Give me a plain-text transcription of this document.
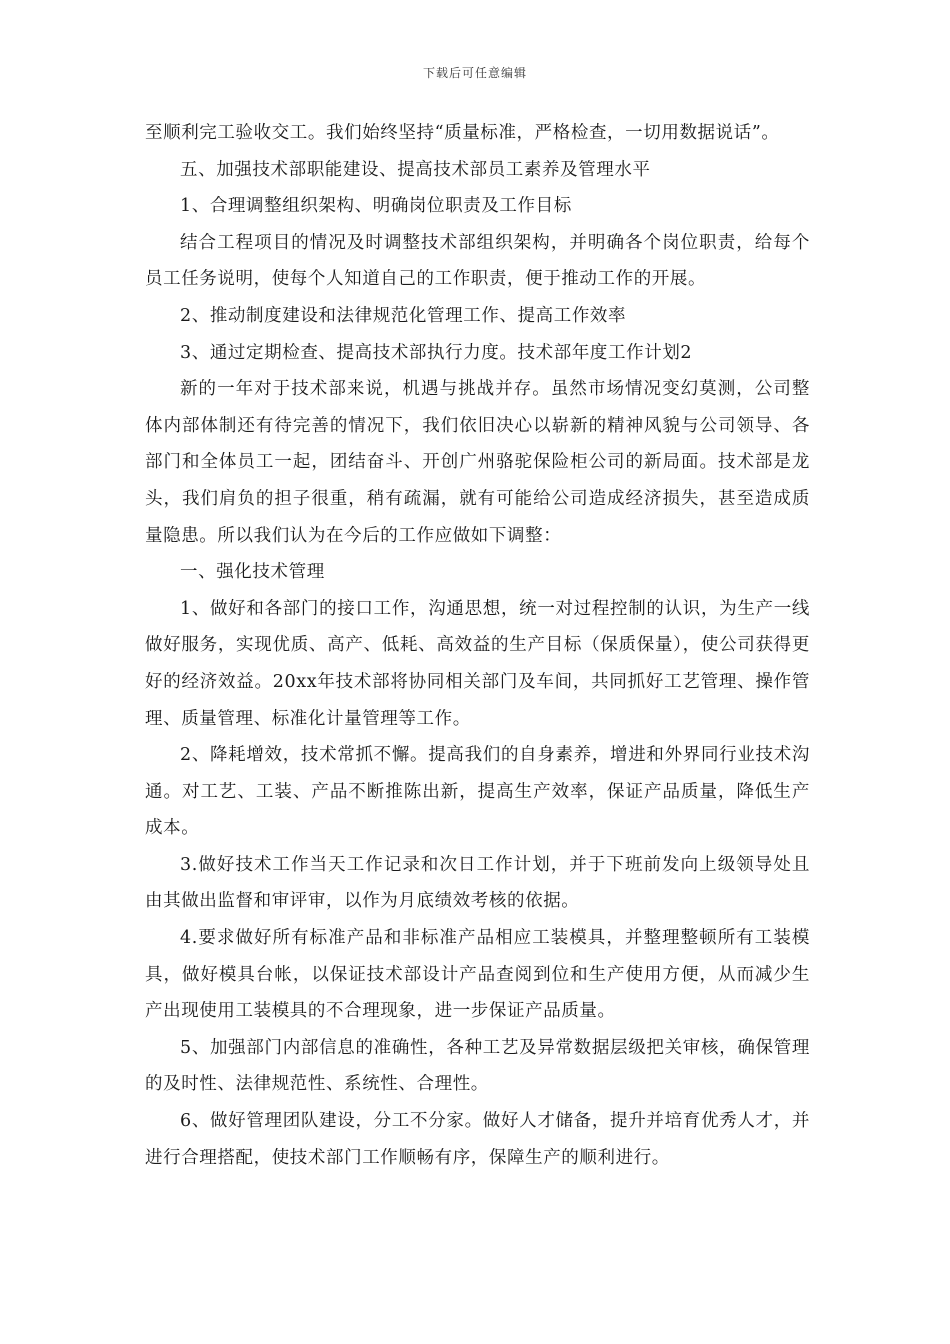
下载后可任意编辑

至顺利完工验收交工。我们始终坚持“质量标准，严格检查，一切用数据说话”。

五、加强技术部职能建设、提高技术部员工素养及管理水平

1、合理调整组织架构、明确岗位职责及工作目标

结合工程项目的情况及时调整技术部组织架构，并明确各个岗位职责，给每个员工任务说明，使每个人知道自己的工作职责，便于推动工作的开展。

2、推动制度建设和法律规范化管理工作、提高工作效率

3、通过定期检查、提高技术部执行力度。技术部年度工作计划2

新的一年对于技术部来说，机遇与挑战并存。虽然市场情况变幻莫测，公司整体内部体制还有待完善的情况下，我们依旧决心以崭新的精神风貌与公司领导、各部门和全体员工一起，团结奋斗、开创广州骆驼保险柜公司的新局面。技术部是龙头，我们肩负的担子很重，稍有疏漏，就有可能给公司造成经济损失，甚至造成质量隐患。所以我们认为在今后的工作应做如下调整：

一、强化技术管理

1、做好和各部门的接口工作，沟通思想，统一对过程控制的认识，为生产一线做好服务，实现优质、高产、低耗、高效益的生产目标（保质保量），使公司获得更好的经济效益。20xx年技术部将协同相关部门及车间，共同抓好工艺管理、操作管理、质量管理、标准化计量管理等工作。

2、降耗增效，技术常抓不懈。提高我们的自身素养，增进和外界同行业技术沟通。对工艺、工装、产品不断推陈出新，提高生产效率，保证产品质量，降低生产成本。

3.做好技术工作当天工作记录和次日工作计划，并于下班前发向上级领导处且由其做出监督和审评审，以作为月底绩效考核的依据。

4.要求做好所有标准产品和非标准产品相应工装模具，并整理整顿所有工装模具，做好模具台帐，以保证技术部设计产品查阅到位和生产使用方便，从而减少生产出现使用工装模具的不合理现象，进一步保证产品质量。

5、加强部门内部信息的准确性，各种工艺及异常数据层级把关审核，确保管理的及时性、法律规范性、系统性、合理性。

6、做好管理团队建设，分工不分家。做好人才储备，提升并培育优秀人才，并进行合理搭配，使技术部门工作顺畅有序，保障生产的顺利进行。
